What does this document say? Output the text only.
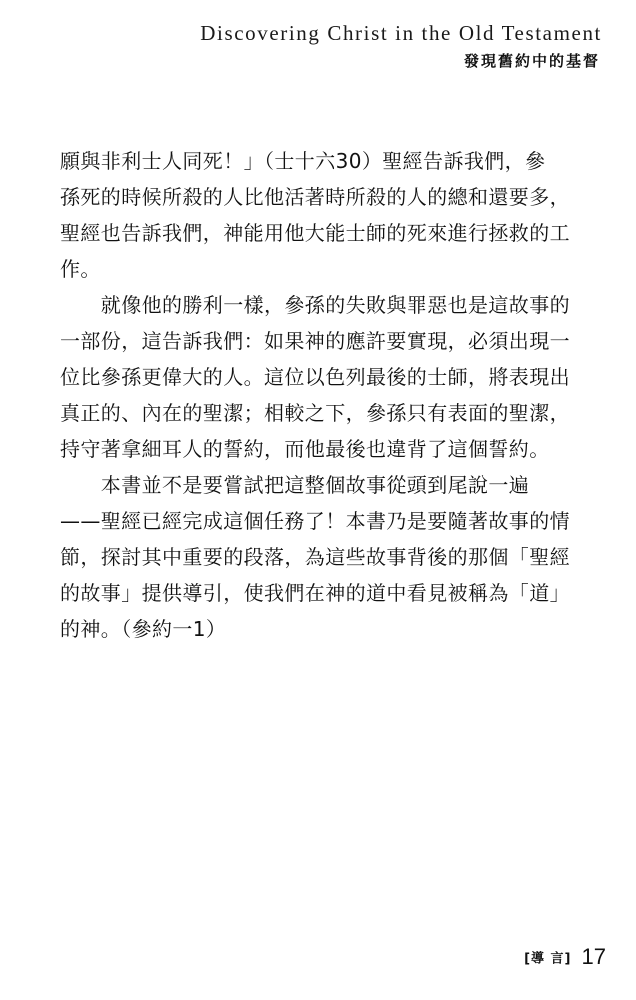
Discovering Christ in the Old Testament
發現舊約中的基督
願與非利士人同死！」（士十六30）聖經告訴我們，參
孫死的時候所殺的人比他活著時所殺的人的總和還要多，
聖經也告訴我們，神能用他大能士師的死來進行拯救的工
作。
　　就像他的勝利一樣，參孫的失敗與罪惡也是這故事的
一部份，這告訴我們：如果神的應許要實現，必須出現一
位比參孫更偉大的人。這位以色列最後的士師，將表現出
真正的、內在的聖潔；相較之下，參孫只有表面的聖潔，
持守著拿細耳人的誓約，而他最後也違背了這個誓約。
　　本書並不是要嘗試把這整個故事從頭到尾說一遍
——聖經已經完成這個任務了！本書乃是要隨著故事的情
節，探討其中重要的段落，為這些故事背後的那個「聖經
的故事」提供導引，使我們在神的道中看見被稱為「道」
的神。（參約一1）
[導 言] 17
